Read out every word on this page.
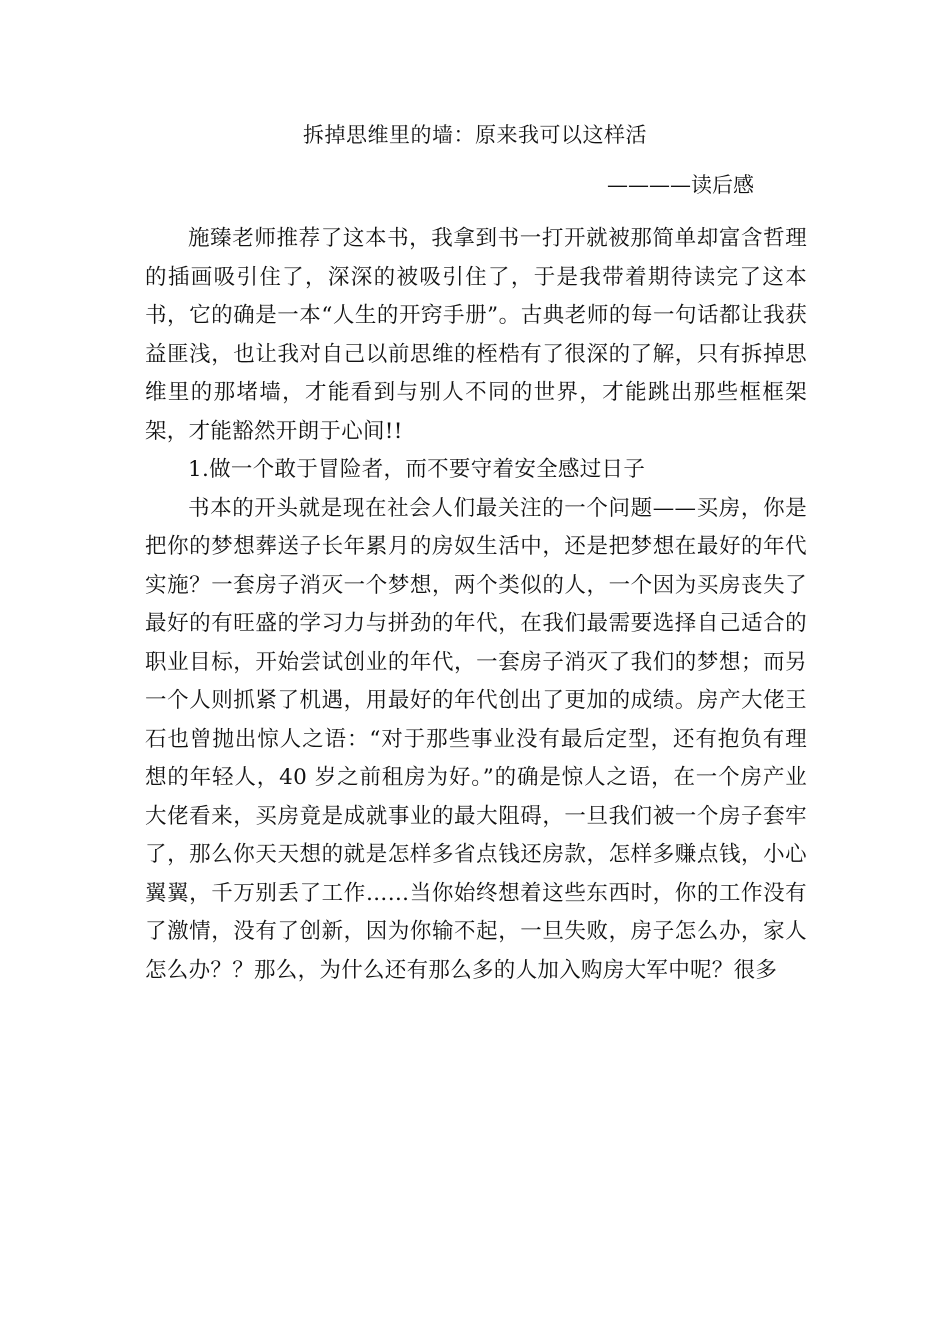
拆掉思维里的墙：原来我可以这样活
————读后感

施臻老师推荐了这本书，我拿到书一打开就被那简单却富含哲理的插画吸引住了，深深的被吸引住了，于是我带着期待读完了这本书，它的确是一本“人生的开窍手册”。古典老师的每一句话都让我获益匪浅，也让我对自己以前思维的桎梏有了很深的了解，只有拆掉思维里的那堵墙，才能看到与别人不同的世界，才能跳出那些框框架架，才能豁然开朗于心间!!

1.做一个敢于冒险者，而不要守着安全感过日子

书本的开头就是现在社会人们最关注的一个问题——买房，你是把你的梦想葬送子长年累月的房奴生活中，还是把梦想在最好的年代实施？一套房子消灭一个梦想，两个类似的人，一个因为买房丧失了最好的有旺盛的学习力与拼劲的年代，在我们最需要选择自己适合的职业目标，开始尝试创业的年代，一套房子消灭了我们的梦想；而另一个人则抓紧了机遇，用最好的年代创出了更加的成绩。房产大佬王石也曾抛出惊人之语：“对于那些事业没有最后定型，还有抱负有理想的年轻人，40 岁之前租房为好。”的确是惊人之语，在一个房产业大佬看来，买房竟是成就事业的最大阻碍，一旦我们被一个房子套牢了，那么你天天想的就是怎样多省点钱还房款，怎样多赚点钱，小心翼翼，千万别丢了工作……当你始终想着这些东西时，你的工作没有了激情，没有了创新，因为你输不起，一旦失败，房子怎么办，家人怎么办？？那么，为什么还有那么多的人加入购房大军中呢？很多
